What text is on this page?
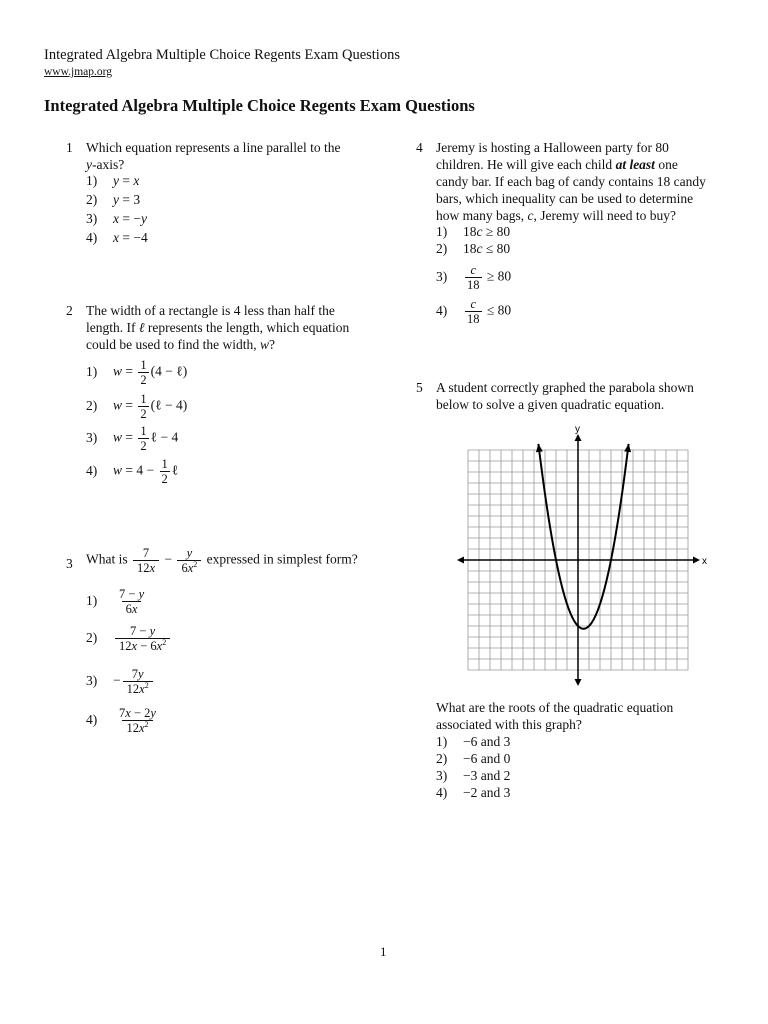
Integrated Algebra Multiple Choice Regents Exam Questions
www.jmap.org
Integrated Algebra Multiple Choice Regents Exam Questions
1 Which equation represents a line parallel to the
y-axis?
1) y = x
2) y = 3
3) x = −y
4) x = −4
2 The width of a rectangle is 4 less than half the
length. If ℓ represents the length, which equation
could be used to find the width, w?
1) $w = \frac{1}{2} (4$ − ℓ)
2) $w = \frac{1}{2}$ (ℓ − 4)
3) $w = \frac{1}{2}$ ℓ − 4
4) $w = 4 - \frac{1}{2}$ ℓ
3 What is $\frac{7}{12x} - \frac{y}{6x^2}$ expressed in simplest form?
$1) \frac{7 - y}{6x}$
$2) \frac{7 - y}{12x - 6x^2}$
$3) - \frac{7y}{12x^2}$
$4) \frac{7x - 2y}{12x^2}$
4 Jeremy is hosting a Halloween party for 80
children. He will give each child at least one
candy bar. If each bag of candy contains 18 candy
bars, which inequality can be used to determine
how many bags, c, Jeremy will need to buy?
1) 18c ≥ 80
2) 18c ≤ 80
$3) \frac{c}{18} \ge 80$
$4) \frac{c}{18} \le 80$
5 A student correctly graphed the parabola shown
below to solve a given quadratic equation.
x
y
What are the roots of the quadratic equation
associated with this graph?
1) −6 and 3
2) −6 and 0
3) −3 and 2
4) −2 and 3
1
